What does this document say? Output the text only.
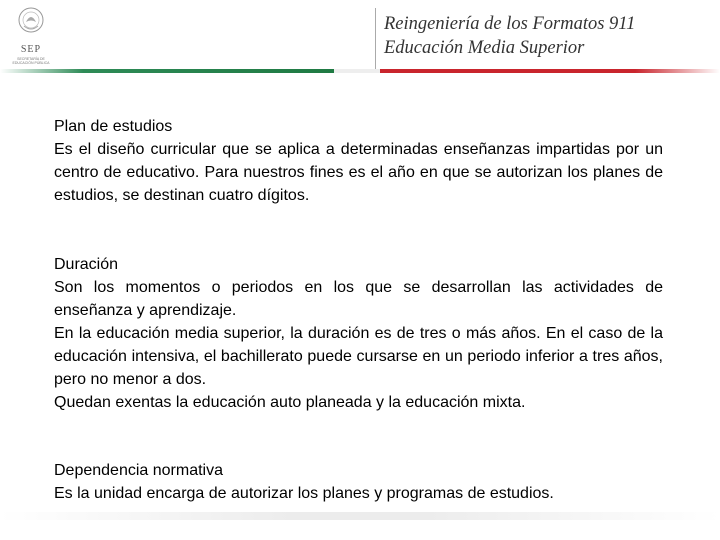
SEP
SECRETARÍA DE EDUCACIÓN PÚBLICA
Reingeniería de los Formatos 911
Educación Media Superior

Plan de estudios

Es el diseño curricular que se aplica a determinadas enseñanzas impartidas por un centro de educativo. Para nuestros fines es el año en que se autorizan los planes de estudios, se destinan cuatro dígitos.

Duración

Son los momentos o periodos en los que se desarrollan las actividades de enseñanza y aprendizaje.

En la educación media superior, la duración es de tres o más años. En el caso de la educación intensiva, el bachillerato puede cursarse en un periodo inferior a tres años, pero no menor a dos.

Quedan exentas la educación auto planeada y la educación mixta.

Dependencia normativa

Es la unidad encarga de autorizar los planes y programas de estudios.
